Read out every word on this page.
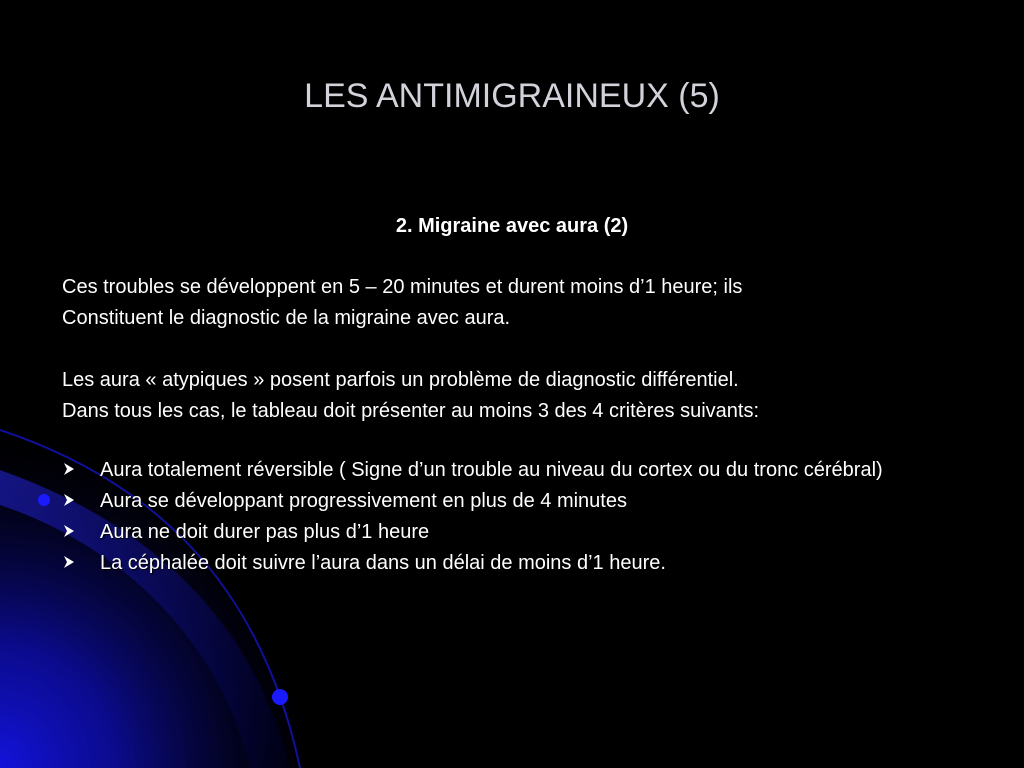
LES ANTIMIGRAINEUX (5)
2. Migraine avec aura (2)

Ces troubles se développent en 5 – 20 minutes et durent moins d’1 heure; ils

Constituent le diagnostic de la migraine avec aura.

Les aura « atypiques » posent parfois un problème de diagnostic différentiel.

Dans tous les cas, le tableau doit présenter au moins 3 des 4 critères suivants:

Aura totalement réversible ( Signe d’un trouble au niveau du cortex ou du tronc cérébral)
Aura se développant progressivement en plus de 4 minutes
Aura ne doit durer pas plus d’1 heure
La céphalée doit suivre l’aura dans un délai de moins d’1 heure.
